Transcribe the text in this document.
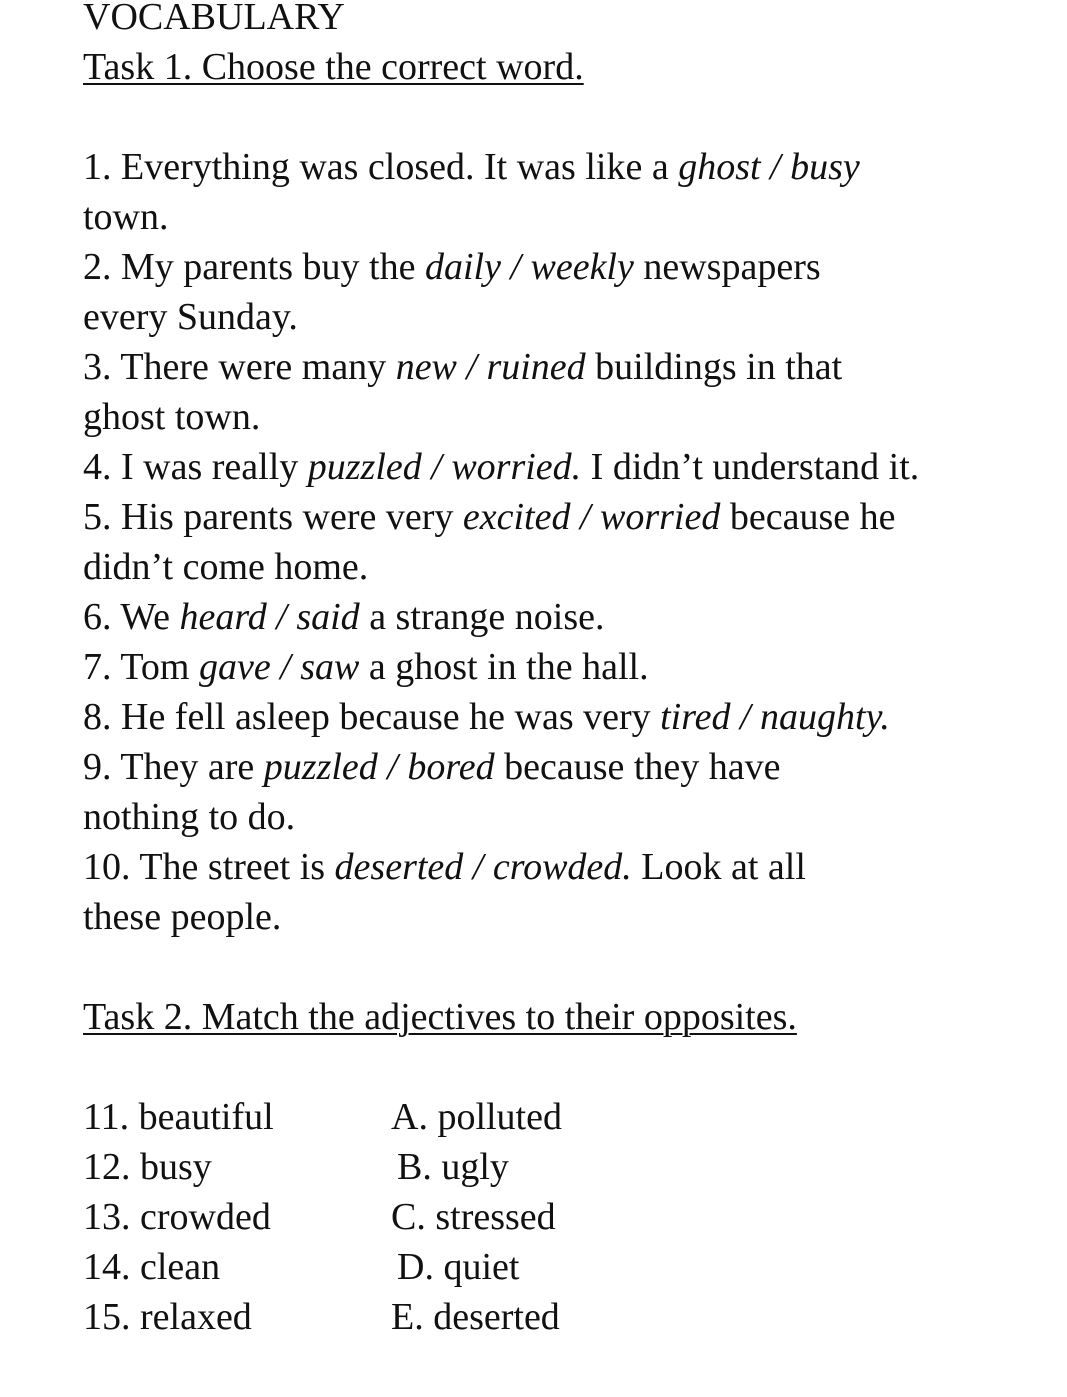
VOCABULARY
Task 1. Choose the correct word.
1. Everything was closed. It was like a ghost / busy town.
2. My parents buy the daily / weekly newspapers every Sunday.
3. There were many new / ruined buildings in that ghost town.
4. I was really puzzled / worried. I didn’t understand it.
5. His parents were very excited / worried because he didn’t come home.
6. We heard / said a strange noise.
7. Tom gave / saw a ghost in the hall.
8. He fell asleep because he was very tired / naughty.
9. They are puzzled / bored because they have nothing to do.
10. The street is deserted / crowded. Look at all these people.
Task 2. Match the adjectives to their opposites.
11. beautiful	A. polluted
12. busy	B. ugly
13. crowded	C. stressed
14. clean	D. quiet
15. relaxed	E. deserted
